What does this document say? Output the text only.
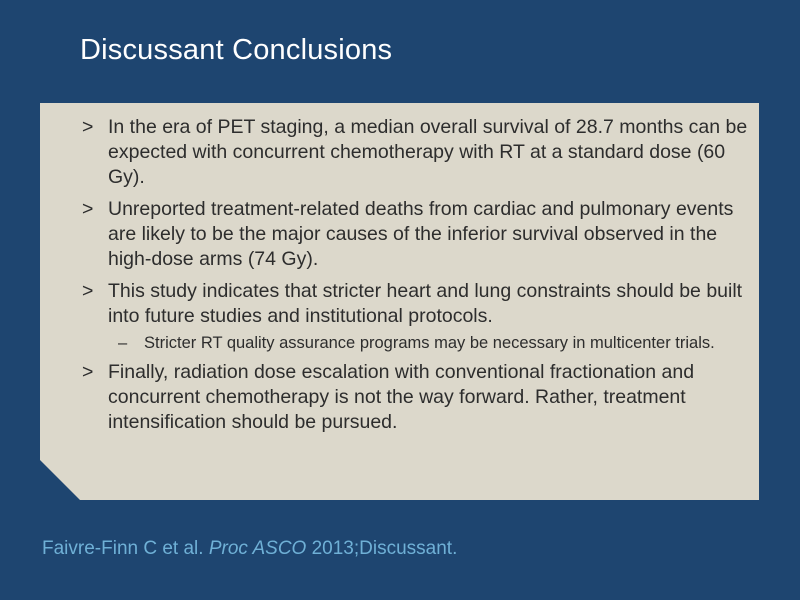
Discussant Conclusions
> In the era of PET staging, a median overall survival of 28.7 months can be expected with concurrent chemotherapy with RT at a standard dose (60 Gy).
> Unreported treatment-related deaths from cardiac and pulmonary events are likely to be the major causes of the inferior survival observed in the high-dose arms (74 Gy).
> This study indicates that stricter heart and lung constraints should be built into future studies and institutional protocols.
– Stricter RT quality assurance programs may be necessary in multicenter trials.
> Finally, radiation dose escalation with conventional fractionation and concurrent chemotherapy is not the way forward. Rather, treatment intensification should be pursued.
Faivre-Finn C et al. Proc ASCO 2013;Discussant.
